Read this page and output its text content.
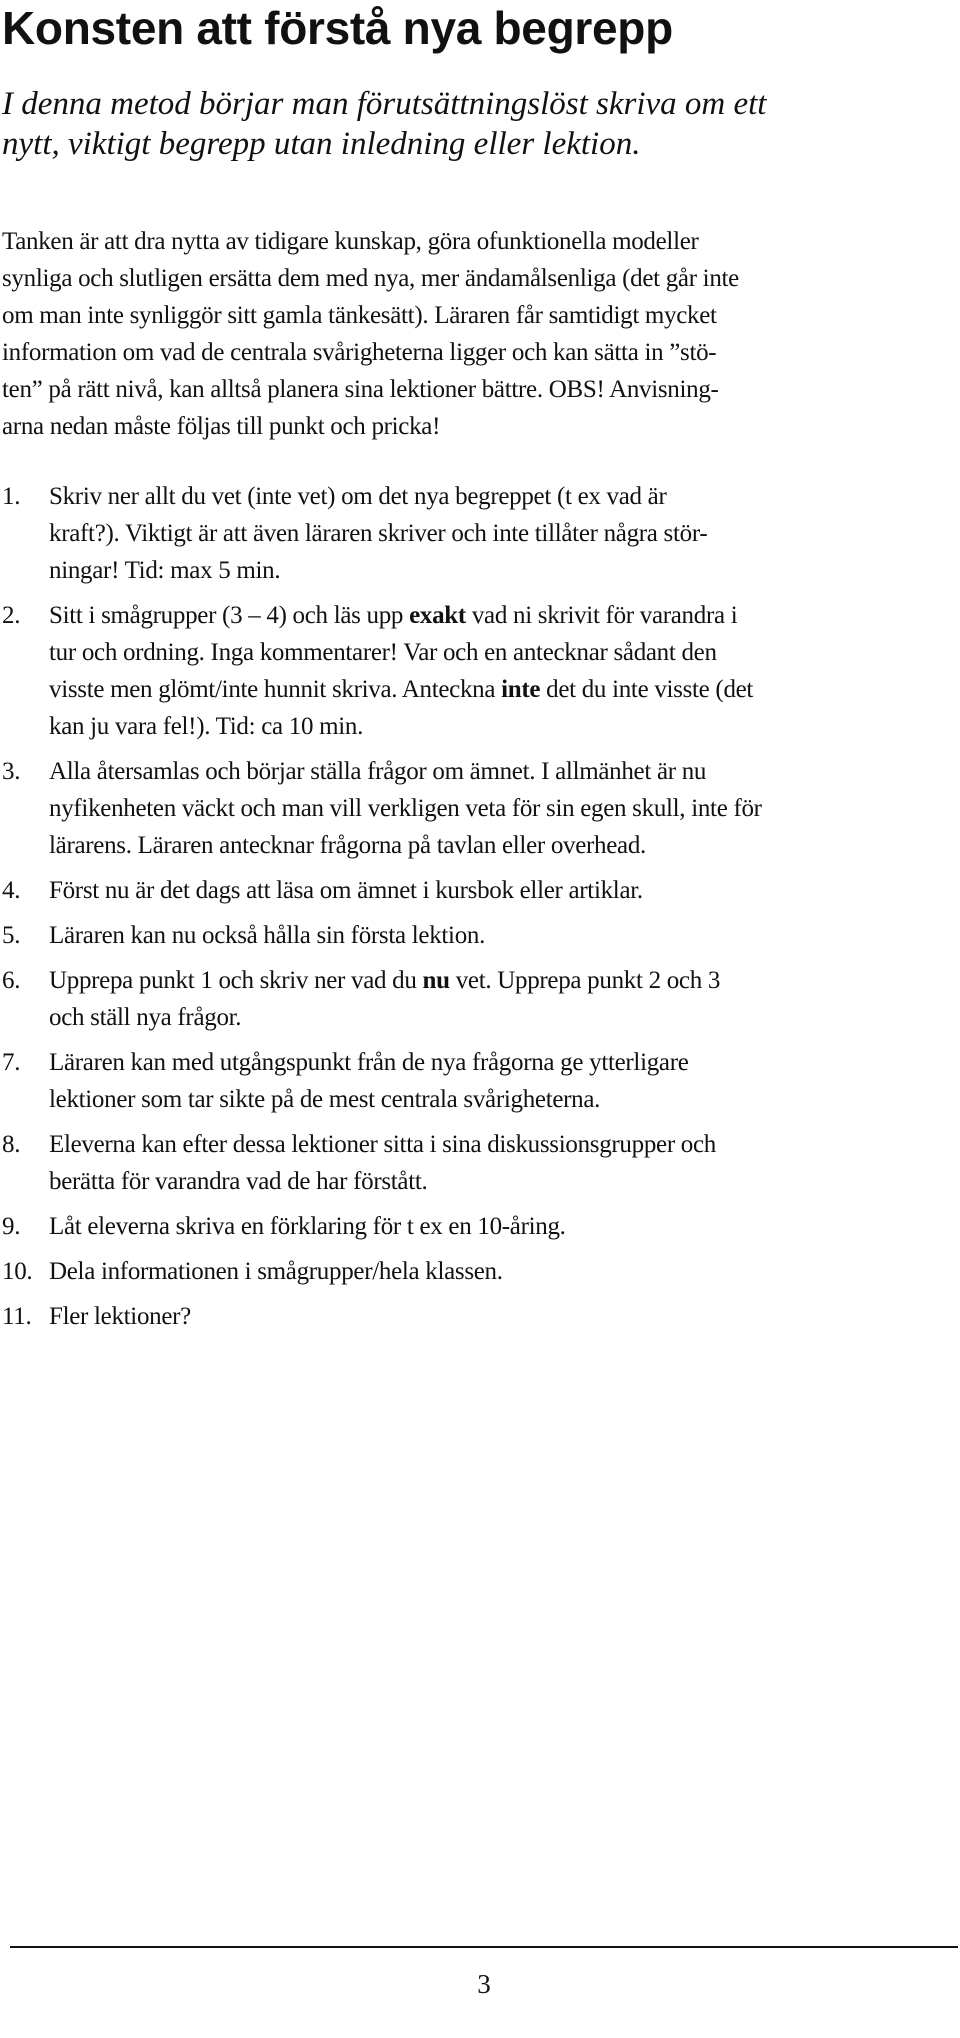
Konsten att förstå nya begrepp

I denna metod börjar man förutsättningslöst skriva om ett
nytt, viktigt begrepp utan inledning eller lektion.

Tanken är att dra nytta av tidigare kunskap, göra ofunktionella modeller
synliga och slutligen ersätta dem med nya, mer ändamålsenliga (det går inte
om man inte synliggör sitt gamla tänkesätt). Läraren får samtidigt mycket
information om vad de centrala svårigheterna ligger och kan sätta in ”stö-
ten” på rätt nivå, kan alltså planera sina lektioner bättre. OBS! Anvisning-
arna nedan måste följas till punkt och pricka!

1. Skriv ner allt du vet (inte vet) om det nya begreppet (t ex vad är
kraft?). Viktigt är att även läraren skriver och inte tillåter några stör-
ningar! Tid: max 5 min.
2. Sitt i smågrupper (3 – 4) och läs upp exakt vad ni skrivit för varandra i
tur och ordning. Inga kommentarer! Var och en antecknar sådant den
visste men glömt/inte hunnit skriva. Anteckna inte det du inte visste (det
kan ju vara fel!). Tid: ca 10 min.
3. Alla återsamlas och börjar ställa frågor om ämnet. I allmänhet är nu
nyfikenheten väckt och man vill verkligen veta för sin egen skull, inte för
lärarens. Läraren antecknar frågorna på tavlan eller overhead.
4. Först nu är det dags att läsa om ämnet i kursbok eller artiklar.
5. Läraren kan nu också hålla sin första lektion.
6. Upprepa punkt 1 och skriv ner vad du nu vet. Upprepa punkt 2 och 3
och ställ nya frågor.
7. Läraren kan med utgångspunkt från de nya frågorna ge ytterligare
lektioner som tar sikte på de mest centrala svårigheterna.
8. Eleverna kan efter dessa lektioner sitta i sina diskussionsgrupper och
berätta för varandra vad de har förstått.
9. Låt eleverna skriva en förklaring för t ex en 10-åring.
10. Dela informationen i smågrupper/hela klassen.
11. Fler lektioner?
3
